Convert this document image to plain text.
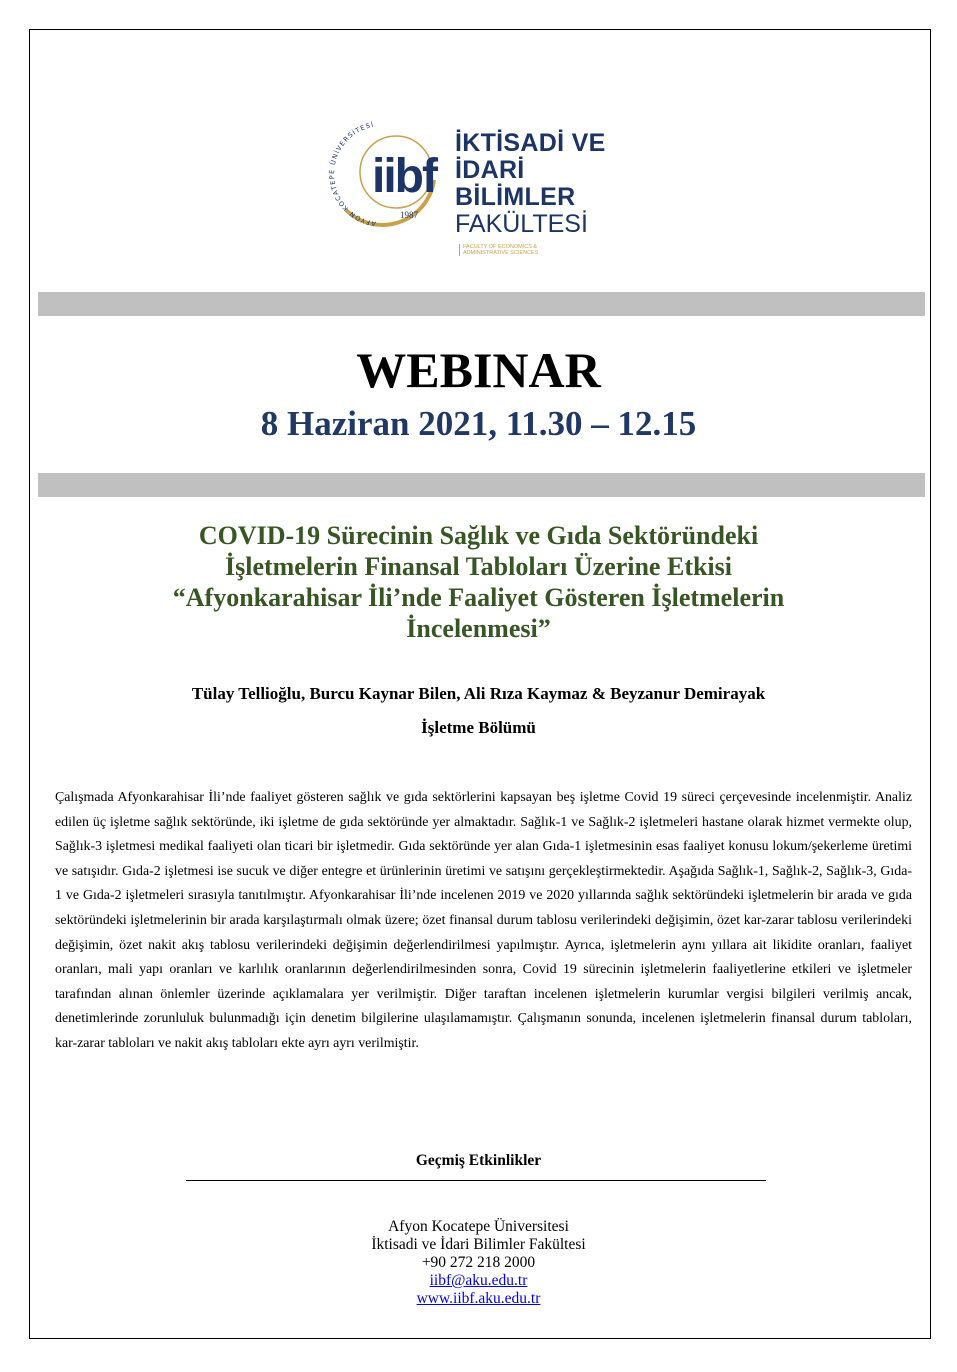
AFYON KOCATEPE ÜNİVERSİTESİ
iibf
1987
İKTİSADİ VE
İDARİ BİLİMLER
FAKÜLTESİ FACULTY OF ECONOMICS & ADMINISTRATIVE SCIENCES
WEBINAR
8 Haziran 2021, 11.30 – 12.15
COVID-19 Sürecinin Sağlık ve Gıda Sektöründeki
İşletmelerin Finansal Tabloları Üzerine Etkisi
“Afyonkarahisar İli’nde Faaliyet Gösteren İşletmelerin
İncelenmesi”
Tülay Tellioğlu, Burcu Kaynar Bilen, Ali Rıza Kaymaz & Beyzanur Demirayak
İşletme Bölümü
Çalışmada Afyonkarahisar İli’nde faaliyet gösteren sağlık ve gıda sektörlerini kapsayan beş işletme Covid 19 süreci çerçevesinde incelenmiştir. Analiz edilen üç işletme sağlık sektöründe, iki işletme de gıda sektöründe yer almaktadır. Sağlık-1 ve Sağlık-2 işletmeleri hastane olarak hizmet vermekte olup, Sağlık-3 işletmesi medikal faaliyeti olan ticari bir işletmedir. Gıda sektöründe yer alan Gıda-1 işletmesinin esas faaliyet konusu lokum/şekerleme üretimi ve satışıdır. Gıda-2 işletmesi ise sucuk ve diğer entegre et ürünlerinin üretimi ve satışını gerçekleştirmektedir. Aşağıda Sağlık-1, Sağlık-2, Sağlık-3, Gıda-1 ve Gıda-2 işletmeleri sırasıyla tanıtılmıştır. Afyonkarahisar İli’nde incelenen 2019 ve 2020 yıllarında sağlık sektöründeki işletmelerin bir arada ve gıda sektöründeki işletmelerinin bir arada karşılaştırmalı olmak üzere; özet finansal durum tablosu verilerindeki değişimin, özet kar-zarar tablosu verilerindeki değişimin, özet nakit akış tablosu verilerindeki değişimin değerlendirilmesi yapılmıştır. Ayrıca, işletmelerin aynı yıllara ait likidite oranları, faaliyet oranları, mali yapı oranları ve karlılık oranlarının değerlendirilmesinden sonra, Covid 19 sürecinin işletmelerin faaliyetlerine etkileri ve işletmeler tarafından alınan önlemler üzerinde açıklamalara yer verilmiştir. Diğer taraftan incelenen işletmelerin kurumlar vergisi bilgileri verilmiş ancak, denetimlerinde zorunluluk bulunmadığı için denetim bilgilerine ulaşılamamıştır. Çalışmanın sonunda, incelenen işletmelerin finansal durum tabloları, kar-zarar tabloları ve nakit akış tabloları ekte ayrı ayrı verilmiştir.
Geçmiş Etkinlikler
Afyon Kocatepe Üniversitesi
İktisadi ve İdari Bilimler Fakültesi
+90 272 218 2000
iibf@aku.edu.tr
www.iibf.aku.edu.tr
